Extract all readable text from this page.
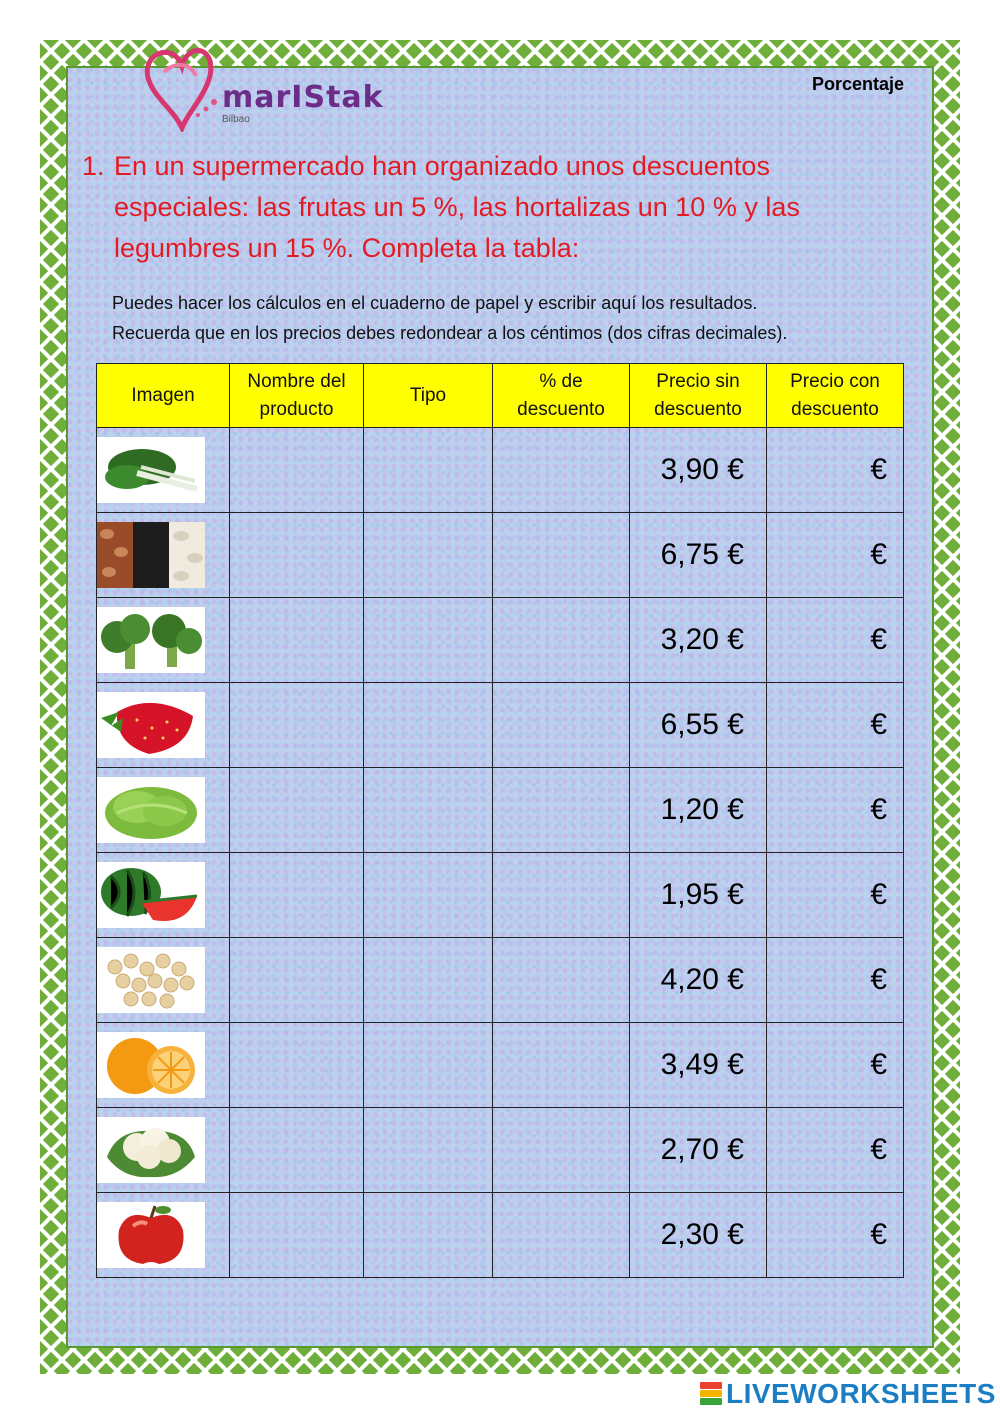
marIStak
Bilbao
Porcentaje
1. En un supermercado han organizado unos descuentos especiales: las frutas un 5 %, las hortalizas un 10 % y las legumbres un 15 %. Completa la tabla:
Puedes hacer los cálculos en el cuaderno de papel y escribir aquí los resultados.
Recuerda que en los precios debes redondear a los céntimos (dos cifras decimales).
Imagen	Nombre del producto	Tipo	% de descuento	Precio sin descuento	Precio con descuento

				3,90 €	€

				6,75 €	€

				3,20 €	€

				6,55 €	€

				1,20 €	€

				1,95 €	€

				4,20 €	€

				3,49 €	€

				2,70 €	€

				2,30 €	€
LIVEWORKSHEETS
